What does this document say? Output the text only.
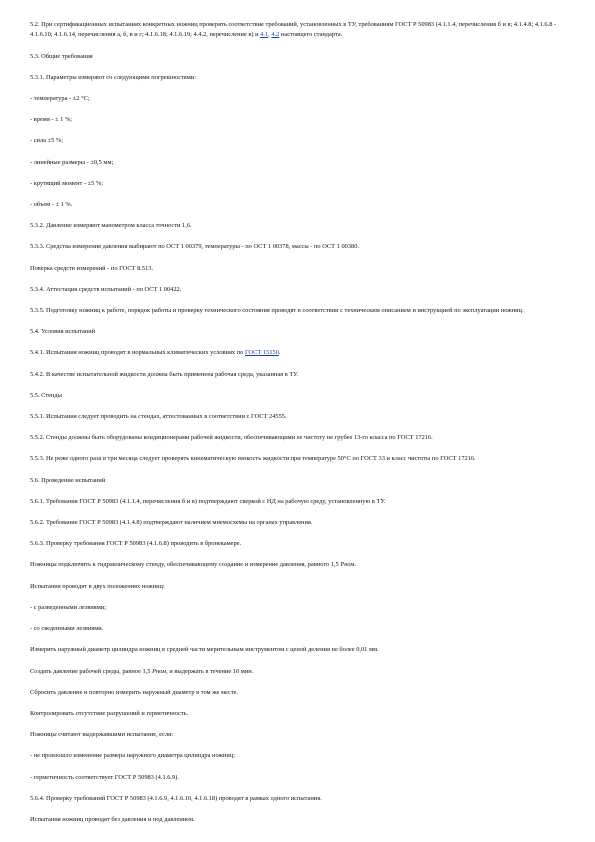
5.2. При сертификационных испытаниях конкретных ножниц проверять соответствие требований, установленных в ТУ, требованиям ГОСТ Р 50983 (4.1.1.4, перечисления б и в; 4.1.4.8; 4.1.6.8 - 4.1.6.10; 4.1.6.14, перечисления а, б, в и г; 4.1.6.18; 4.1.6.19; 4.4.2, перечисление в) и 4.1, 4.2 настоящего стандарта.

5.3. Общие требования

5.3.1. Параметры измеряют со следующими погрешностями:

- температура - ±2 °С;

- время - ± 1 %;

- сила ±5 %;

- линейные размеры - ±0,5 мм;

- крутящий момент - ±5 %;

- объем - ± 1 %.

5.3.2. Давление измеряют манометром класса точности 1,6.

5.3.3. Средства измерения давления выбирают по ОСТ 1 00379, температуры - по ОСТ 1 00378, массы - по ОСТ 1 00380.

Поверка средств измерений - по ГОСТ 8.513.

5.3.4. Аттестация средств испытаний - по ОСТ 1 00422.

5.3.5. Подготовку ножниц к работе, порядок работы и проверку технического состояния проводят в соответствии с техническим описанием и инструкцией по эксплуатации ножниц.

5.4. Условия испытаний

5.4.1. Испытания ножниц проводят в нормальных климатических условиях по ГОСТ 15150.

5.4.2. В качестве испытательной жидкости должна быть применена рабочая среда, указанная в ТУ.

5.5. Стенды

5.5.1. Испытания следует проводить на стендах, аттестованных в соответствии с ГОСТ 24555.

5.5.2. Стенды должны быть оборудованы кондиционерами рабочей жидкости, обеспечивающими ее чистоту не грубее 13-го класса по ГОСТ 17216.

5.5.3. Не реже одного раза в три месяца следует проверять кинематическую вязкость жидкости при температуре 50°С по ГОСТ 33 и класс чистоты по ГОСТ 17216.

5.6. Проведение испытаний

5.6.1. Требования ГОСТ Р 50983 (4.1.1.4, перечисления б и в) подтверждают сверкой с НД на рабочую среду, установленную в ТУ.

5.6.2. Требование ГОСТ Р 50983 (4.1.4.8) подтверждают наличием мнемосхемы на органах управления.

5.6.3. Проверку требования ГОСТ Р 50983 (4.1.6.8) проводить в бронекамере.

Ножницы подключить к гидравлическому стенду, обеспечивающему создание и измерение давления, равного 1,5 Рном.

Испытания проводят в двух положениях ножниц:

- с разведенными лезвиями;

- со сведенными лезвиями.

Измерить наружный диаметр цилиндра ножниц в средней части мерительным инструментом с ценой деления не более 0,01 мм.

Создать давление рабочей среды, равное 1,5 Рном, и выдержать в течение 10 мин.

Сбросить давление и повторно измерить наружный диаметр в том же месте.

Контролировать отсутствие разрушений и герметичность.

Ножницы считают выдержавшими испытание, если:

- не произошло изменение размера наружного диаметра цилиндра ножниц;

- герметичность соответствует ГОСТ Р 50983 (4.1.6.9).

5.6.4. Проверку требований ГОСТ Р 50983 (4.1.6.9, 4.1.6.10, 4.1.6.18) проводят в рамках одного испытания.

Испытания ножниц проводят без давления и под давлением.
